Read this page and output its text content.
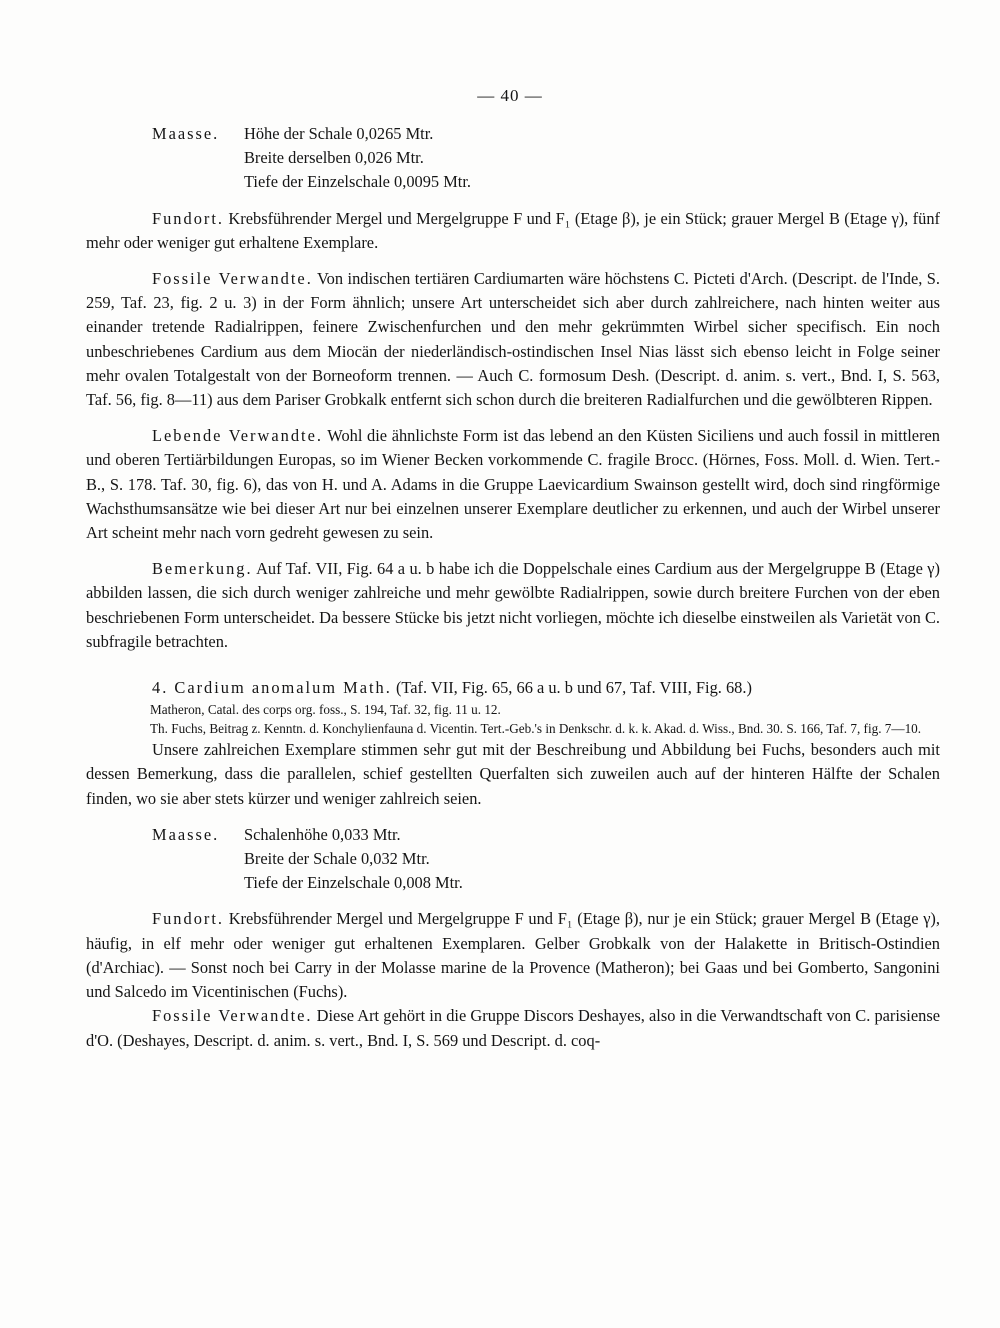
— 40 —
Maasse.	Höhe der Schale 0,0265 Mtr.
Breite derselben 0,026 Mtr.
Tiefe der Einzelschale 0,0095 Mtr.

Fundort. Krebsführender Mergel und Mergelgruppe F und F₁ (Etage β), je ein Stück; grauer Mergel B (Etage γ), fünf mehr oder weniger gut erhaltene Exemplare.

Fossile Verwandte. Von indischen tertiären Cardiumarten wäre höchstens C. Picteti d'Arch. (Descript. de l'Inde, S. 259, Taf. 23, fig. 2 u. 3) in der Form ähnlich; unsere Art unterscheidet sich aber durch zahlreichere, nach hinten weiter aus einander tretende Radialrippen, feinere Zwischenfurchen und den mehr gekrümmten Wirbel sicher specifisch. Ein noch unbeschriebenes Cardium aus dem Miocän der niederländisch-ostindischen Insel Nias lässt sich ebenso leicht in Folge seiner mehr ovalen Totalgestalt von der Borneoform trennen. — Auch C. formosum Desh. (Descript. d. anim. s. vert., Bnd. I, S. 563, Taf. 56, fig. 8—11) aus dem Pariser Grobkalk entfernt sich schon durch die breiteren Radialfurchen und die gewölbteren Rippen.

Lebende Verwandte. Wohl die ähnlichste Form ist das lebend an den Küsten Siciliens und auch fossil in mittleren und oberen Tertiärbildungen Europas, so im Wiener Becken vorkommende C. fragile Brocc. (Hörnes, Foss. Moll. d. Wien. Tert.-B., S. 178. Taf. 30, fig. 6), das von H. und A. Adams in die Gruppe Laevicardium Swainson gestellt wird, doch sind ringförmige Wachsthumsansätze wie bei dieser Art nur bei einzelnen unserer Exemplare deutlicher zu erkennen, und auch der Wirbel unserer Art scheint mehr nach vorn gedreht gewesen zu sein.

Bemerkung. Auf Taf. VII, Fig. 64 a u. b habe ich die Doppelschale eines Cardium aus der Mergelgruppe B (Etage γ) abbilden lassen, die sich durch weniger zahlreiche und mehr gewölbte Radialrippen, sowie durch breitere Furchen von der eben beschriebenen Form unterscheidet. Da bessere Stücke bis jetzt nicht vorliegen, möchte ich dieselbe einstweilen als Varietät von C. subfragile betrachten.

4. Cardium anomalum Math. (Taf. VII, Fig. 65, 66 a u. b und 67, Taf. VIII, Fig. 68.)

Matheron, Catal. des corps org. foss., S. 194, Taf. 32, fig. 11 u. 12.
Th. Fuchs, Beitrag z. Kenntn. d. Konchylienfauna d. Vicentin. Tert.-Geb.'s in Denkschr. d. k. k. Akad. d. Wiss., Bnd. 30. S. 166, Taf. 7, fig. 7—10.

Unsere zahlreichen Exemplare stimmen sehr gut mit der Beschreibung und Abbildung bei Fuchs, besonders auch mit dessen Bemerkung, dass die parallelen, schief gestellten Querfalten sich zuweilen auch auf der hinteren Hälfte der Schalen finden, wo sie aber stets kürzer und weniger zahlreich seien.

Maasse.	Schalenhöhe 0,033 Mtr.
Breite der Schale 0,032 Mtr.
Tiefe der Einzelschale 0,008 Mtr.

Fundort. Krebsführender Mergel und Mergelgruppe F und F₁ (Etage β), nur je ein Stück; grauer Mergel B (Etage γ), häufig, in elf mehr oder weniger gut erhaltenen Exemplaren. Gelber Grobkalk von der Halakette in Britisch-Ostindien (d'Archiac). — Sonst noch bei Carry in der Molasse marine de la Provence (Matheron); bei Gaas und bei Gomberto, Sangonini und Salcedo im Vicentinischen (Fuchs).

Fossile Verwandte. Diese Art gehört in die Gruppe Discors Deshayes, also in die Verwandtschaft von C. parisiense d'O. (Deshayes, Descript. d. anim. s. vert., Bnd. I, S. 569 und Descript. d. coq-
